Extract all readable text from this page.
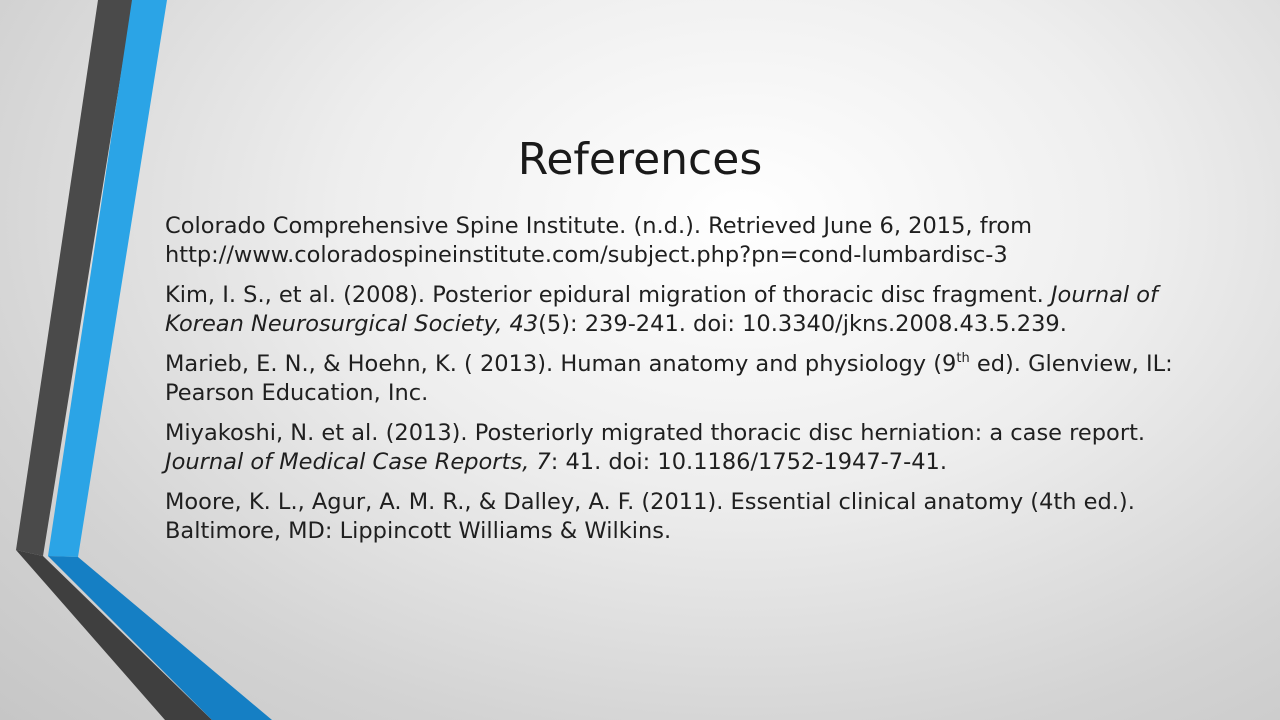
References
Colorado Comprehensive Spine Institute. (n.d.). Retrieved June 6, 2015, from http://www.coloradospineinstitute.com/subject.php?pn=cond-lumbardisc-3
Kim, I. S., et al. (2008). Posterior epidural migration of thoracic disc fragment. Journal of Korean Neurosurgical Society, 43(5): 239-241. doi: 10.3340/jkns.2008.43.5.239.
Marieb, E. N., & Hoehn, K. ( 2013). Human anatomy and physiology (9th ed). Glenview, IL: Pearson Education, Inc.
Miyakoshi, N. et al. (2013). Posteriorly migrated thoracic disc herniation: a case report. Journal of Medical Case Reports, 7: 41. doi: 10.1186/1752-1947-7-41.
Moore, K. L., Agur, A. M. R., & Dalley, A. F. (2011). Essential clinical anatomy (4th ed.). Baltimore, MD: Lippincott Williams & Wilkins.
